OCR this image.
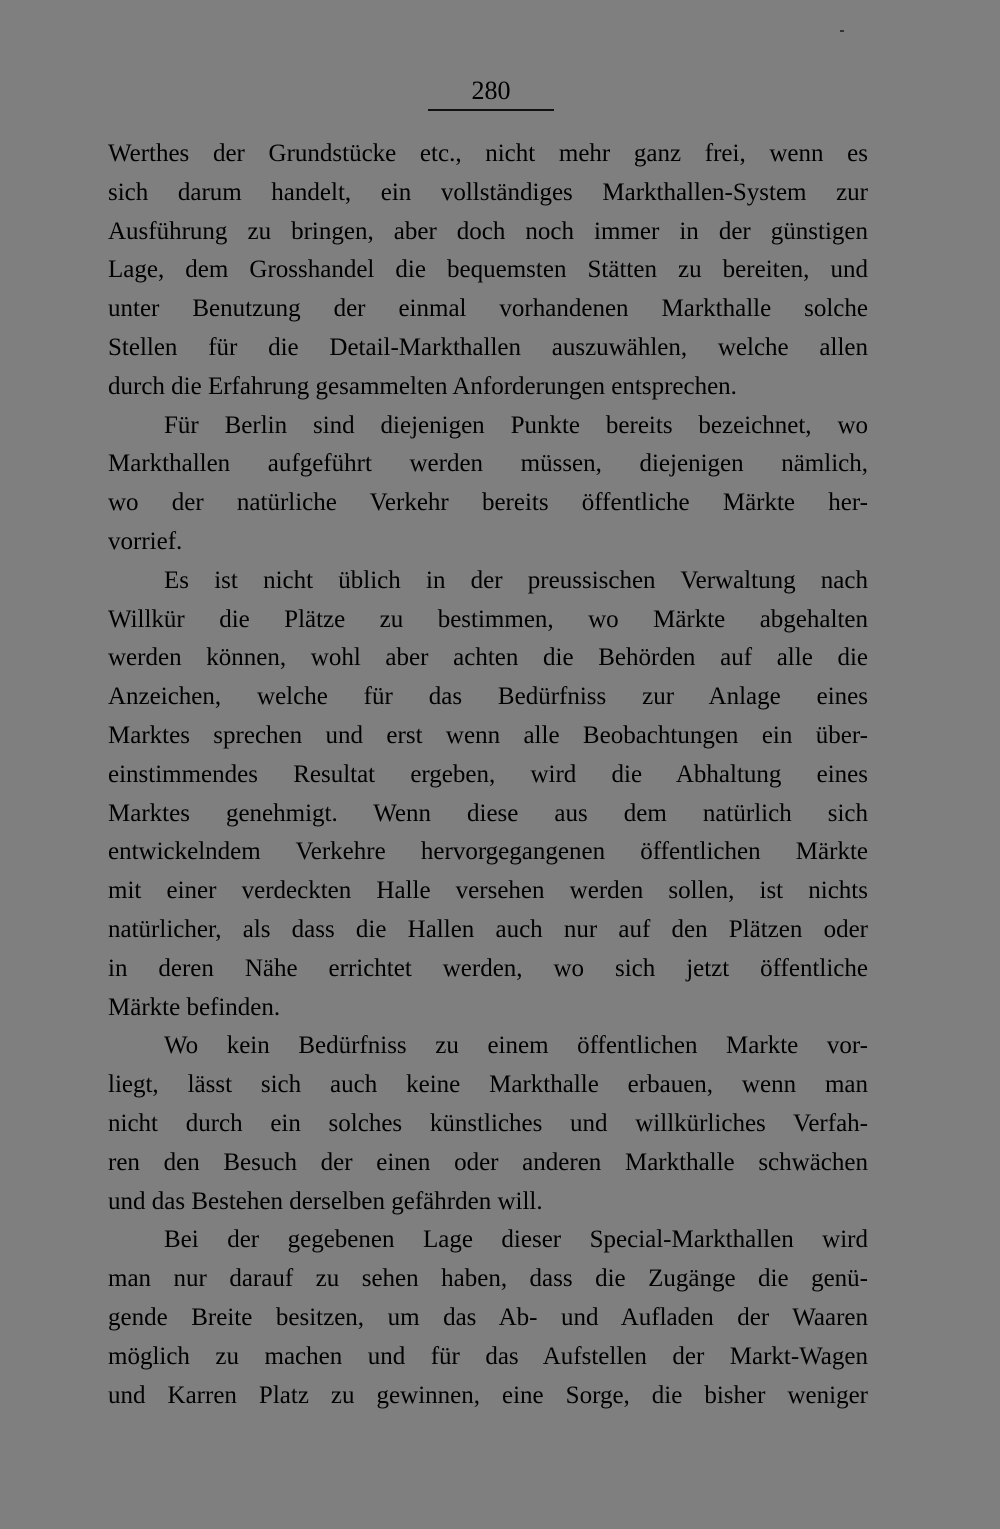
280
Werthes der Grundstücke etc., nicht mehr ganz frei, wenn es
sich darum handelt, ein vollständiges Markthallen-System zur
Ausführung zu bringen, aber doch noch immer in der günstigen
Lage, dem Grosshandel die bequemsten Stätten zu bereiten, und
unter Benutzung der einmal vorhandenen Markthalle solche
Stellen für die Detail-Markthallen auszuwählen, welche allen
durch die Erfahrung gesammelten Anforderungen entsprechen.
Für Berlin sind diejenigen Punkte bereits bezeichnet, wo
Markthallen aufgeführt werden müssen, diejenigen nämlich,
wo der natürliche Verkehr bereits öffentliche Märkte her-
vorrief.
Es ist nicht üblich in der preussischen Verwaltung nach
Willkür die Plätze zu bestimmen, wo Märkte abgehalten
werden können, wohl aber achten die Behörden auf alle die
Anzeichen, welche für das Bedürfniss zur Anlage eines
Marktes sprechen und erst wenn alle Beobachtungen ein über-
einstimmendes Resultat ergeben, wird die Abhaltung eines
Marktes genehmigt. Wenn diese aus dem natürlich sich
entwickelndem Verkehre hervorgegangenen öffentlichen Märkte
mit einer verdeckten Halle versehen werden sollen, ist nichts
natürlicher, als dass die Hallen auch nur auf den Plätzen oder
in deren Nähe errichtet werden, wo sich jetzt öffentliche
Märkte befinden.
Wo kein Bedürfniss zu einem öffentlichen Markte vor-
liegt, lässt sich auch keine Markthalle erbauen, wenn man
nicht durch ein solches künstliches und willkürliches Verfah-
ren den Besuch der einen oder anderen Markthalle schwächen
und das Bestehen derselben gefährden will.
Bei der gegebenen Lage dieser Special-Markthallen wird
man nur darauf zu sehen haben, dass die Zugänge die genü-
gende Breite besitzen, um das Ab- und Aufladen der Waaren
möglich zu machen und für das Aufstellen der Markt-Wagen
und Karren Platz zu gewinnen, eine Sorge, die bisher weniger
